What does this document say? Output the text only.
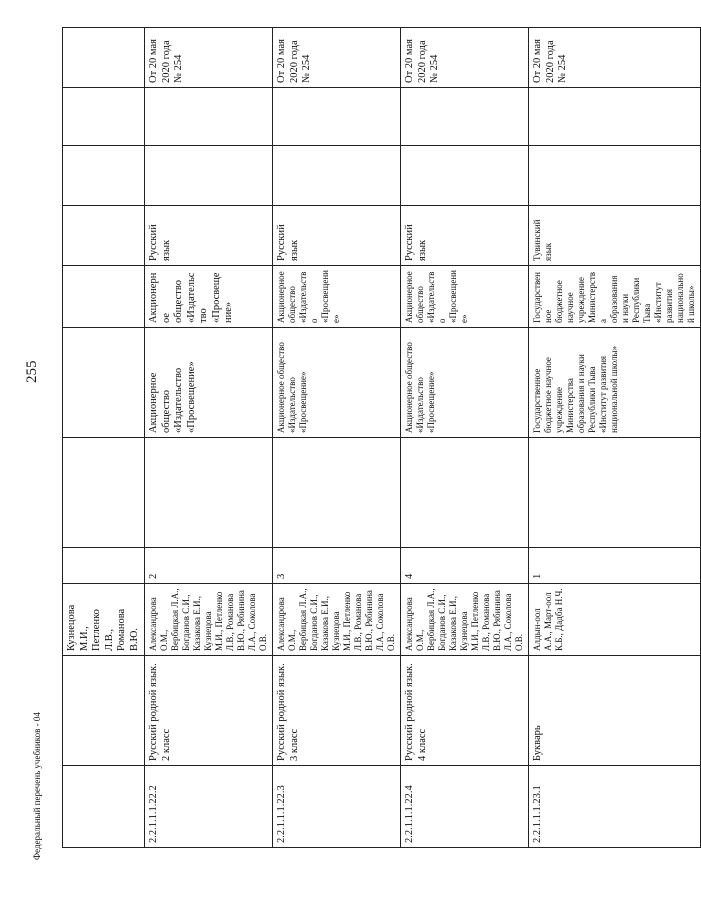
255
Федеральный перечень учебников - 04
		Кузнецова М.И.,
Петленко Л.В.,
Романова В.Ю.								
2.2.1.1.1.22.2	Русский родной язык. 2 класс	Александрова О.М., Вербицкая Л.А., Богданов С.И., Казакова Е.И., Кузнецова М.И., Петленко Л.В., Романова В.Ю., Рябинина Л.А., Соколова О.В.	2		Акционерное общество «Издательство «Просвещение»	Акционерное общество «Издательство «Просвещение»	Русский язык			От 20 мая 2020 года № 254
2.2.1.1.1.22.3	Русский родной язык. 3 класс	Александрова О.М., Вербицкая Л.А., Богданов С.И., Казакова Е.И., Кузнецова М.И., Петленко Л.В., Романова В.Ю., Рябинина Л.А., Соколова О.В.	3		Акционерное общество «Издательство «Просвещение»	Акционерное общество «Издательство «Просвещение»	Русский язык			От 20 мая 2020 года № 254
2.2.1.1.1.22.4	Русский родной язык. 4 класс	Александрова О.М., Вербицкая Л.А., Богданов С.И., Казакова Е.И., Кузнецова М.И., Петленко Л.В., Романова В.Ю., Рябинина Л.А., Соколова О.В.	4		Акционерное общество «Издательство «Просвещение»	Акционерное общество «Издательство «Просвещение»	Русский язык			От 20 мая 2020 года № 254
2.2.1.1.1.23.1	Букварь	Алдын-оол А.А., Март-оол К.Б., Дадба Н.Ч.	1		Государственное бюджетное научное учреждение Министерства образования и науки Республики Тыва «Институт развития национальной школы»	Государственное бюджетное научное учреждение Министерства образования и науки Республики Тыва «Институт развития национальной школы»	Тувинский язык			От 20 мая 2020 года № 254
